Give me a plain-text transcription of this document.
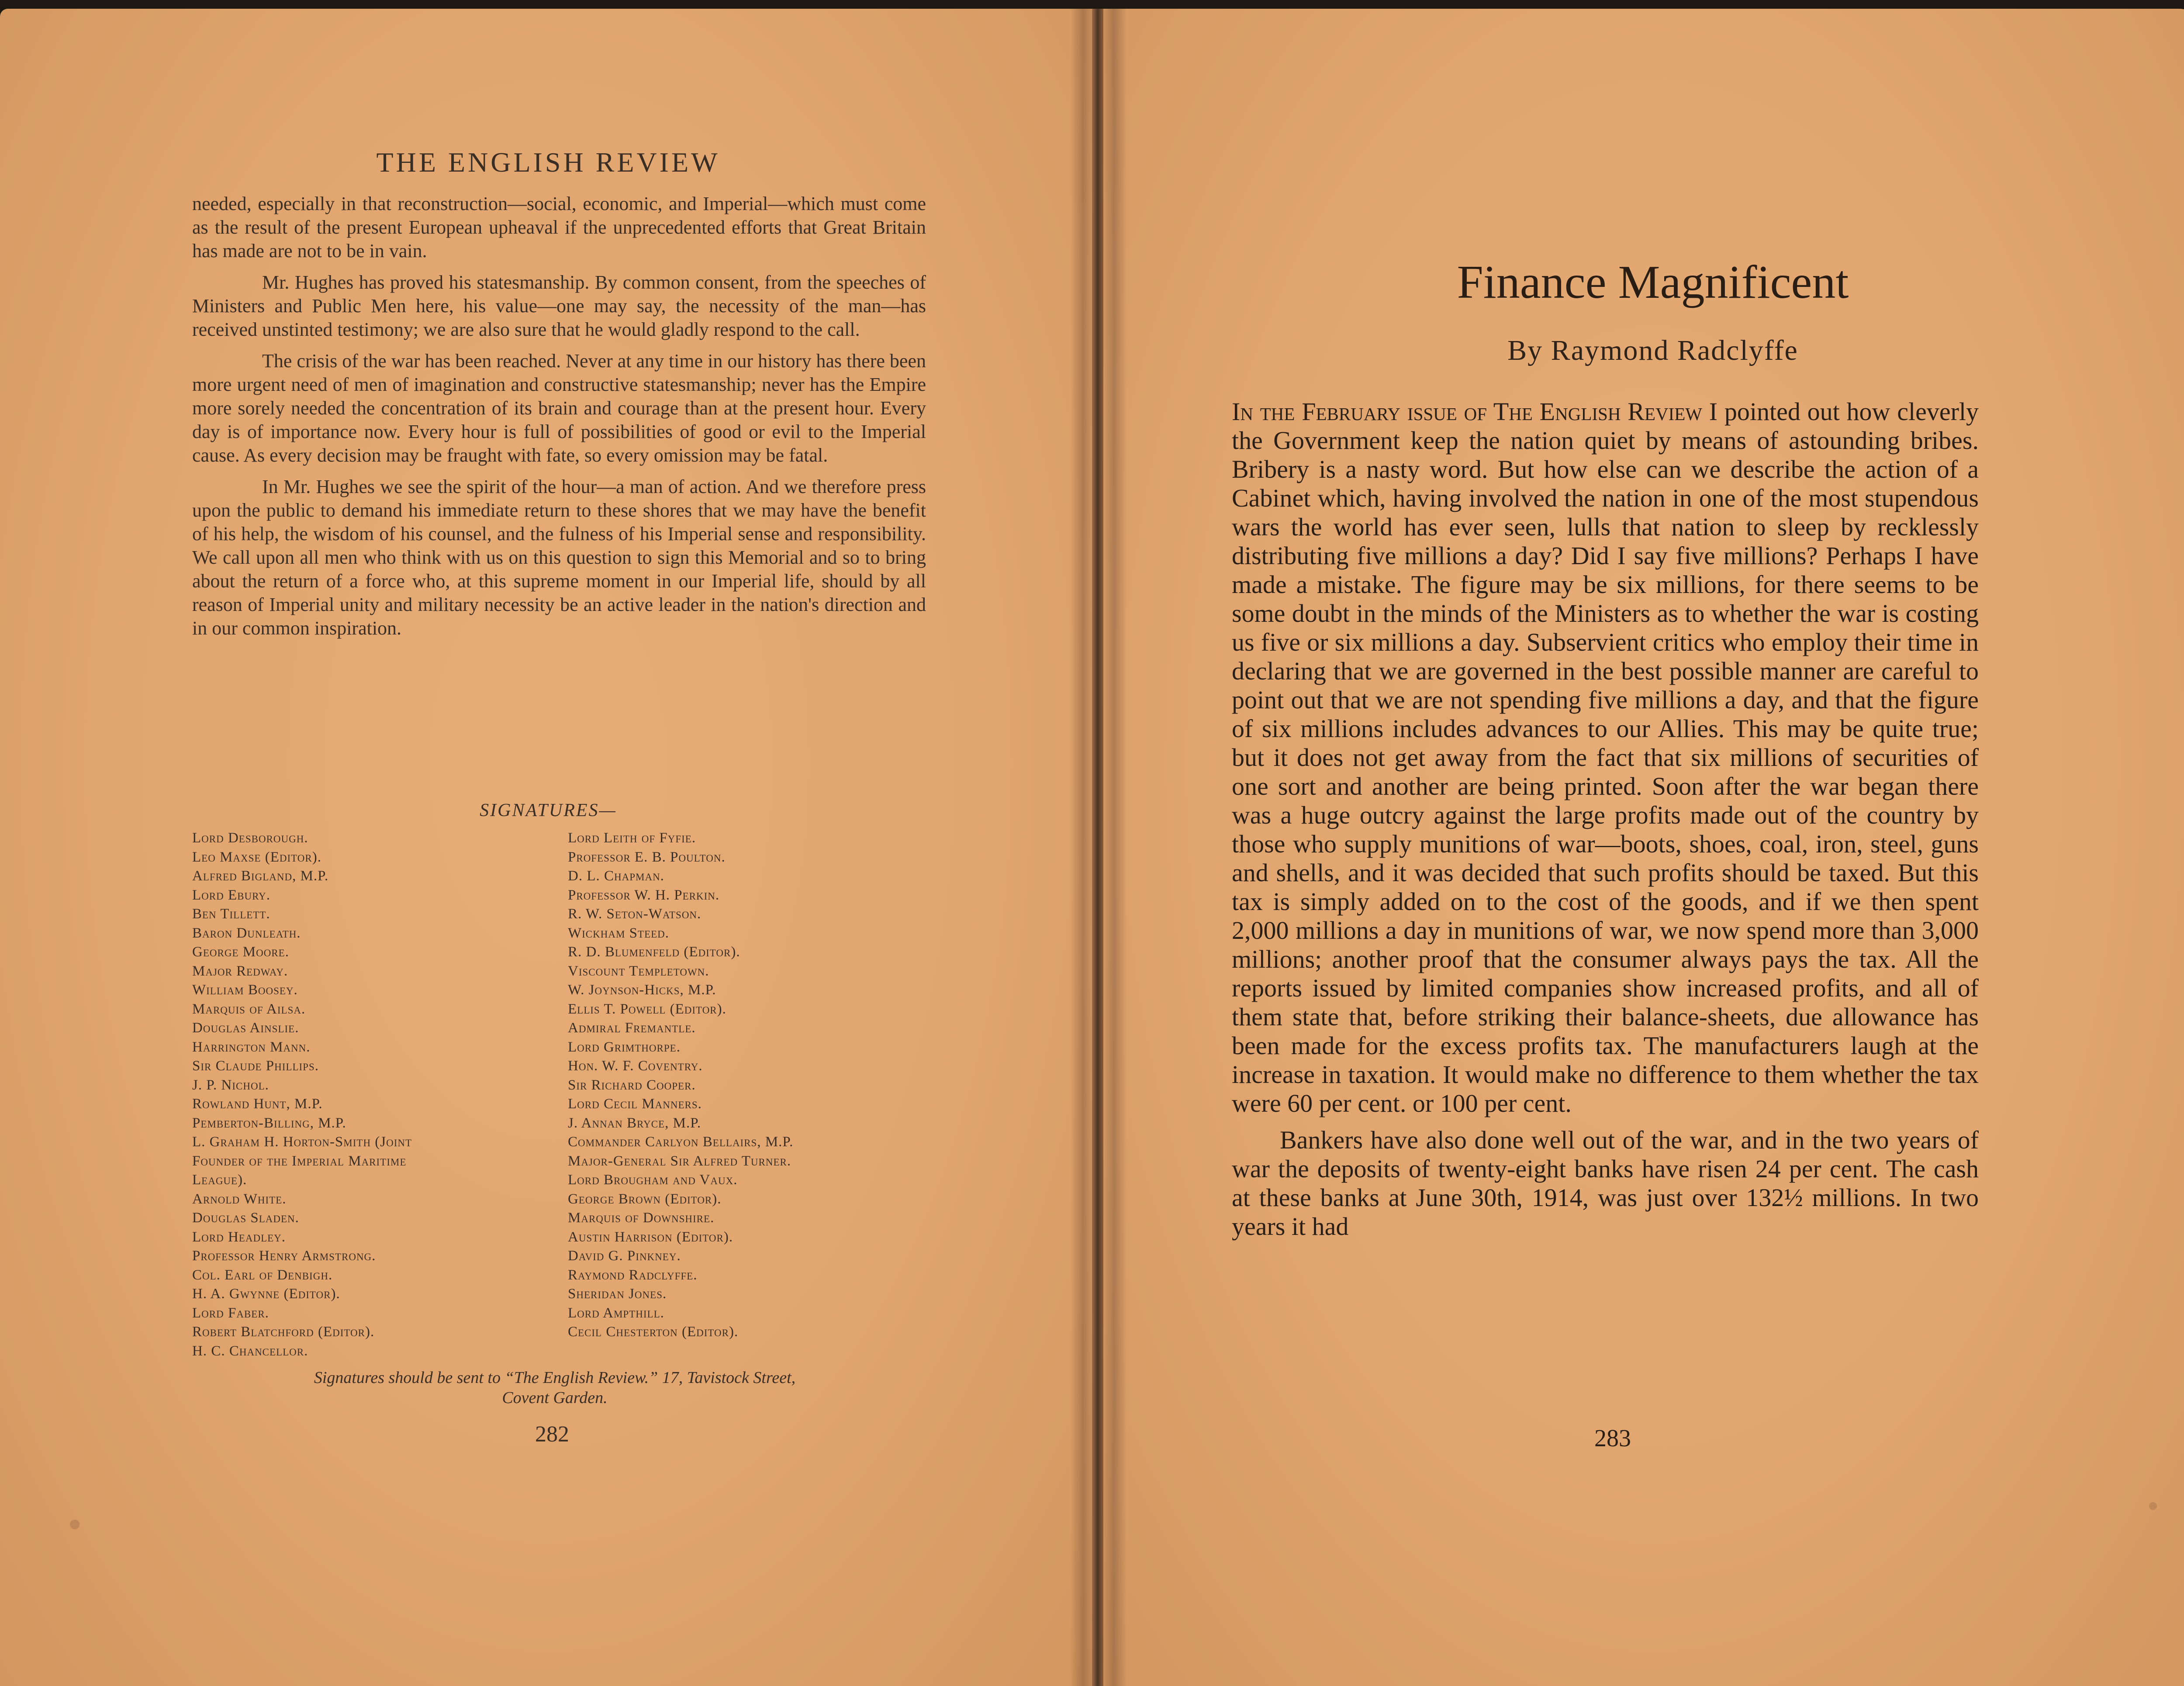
THE ENGLISH REVIEW

needed, especially in that reconstruction—social, economic, and Imperial—which must come as the result of the present European upheaval if the unprecedented efforts that Great Britain has made are not to be in vain.

Mr. Hughes has proved his statesmanship. By common consent, from the speeches of Ministers and Public Men here, his value—one may say, the necessity of the man—has received unstinted testimony; we are also sure that he would gladly respond to the call.

The crisis of the war has been reached. Never at any time in our history has there been more urgent need of men of imagination and constructive statesmanship; never has the Empire more sorely needed the concentration of its brain and courage than at the present hour. Every day is of importance now. Every hour is full of possibilities of good or evil to the Imperial cause. As every decision may be fraught with fate, so every omission may be fatal.

In Mr. Hughes we see the spirit of the hour—a man of action. And we therefore press upon the public to demand his immediate return to these shores that we may have the benefit of his help, the wisdom of his counsel, and the fulness of his Imperial sense and responsibility. We call upon all men who think with us on this question to sign this Memorial and so to bring about the return of a force who, at this supreme moment in our Imperial life, should by all reason of Imperial unity and military necessity be an active leader in the nation's direction and in our common inspiration.

SIGNATURES—
Lord Desborough.
Leo Maxse (Editor).
Alfred Bigland, M.P.
Lord Ebury.
Ben Tillett.
Baron Dunleath.
George Moore.
Major Redway.
William Boosey.
Marquis of Ailsa.
Douglas Ainslie.
Harrington Mann.
Sir Claude Phillips.
J. P. Nichol.
Rowland Hunt, M.P.
Pemberton-Billing, M.P.
L. Graham H. Horton-Smith (Joint
Founder of the Imperial Maritime
League).
Arnold White.
Douglas Sladen.
Lord Headley.
Professor Henry Armstrong.
Col. Earl of Denbigh.
H. A. Gwynne (Editor).
Lord Faber.
Robert Blatchford (Editor).
H. C. Chancellor.
Lord Leith of Fyfie.
Professor E. B. Poulton.
D. L. Chapman.
Professor W. H. Perkin.
R. W. Seton-Watson.
Wickham Steed.
R. D. Blumenfeld (Editor).
Viscount Templetown.
W. Joynson-Hicks, M.P.
Ellis T. Powell (Editor).
Admiral Fremantle.
Lord Grimthorpe.
Hon. W. F. Coventry.
Sir Richard Cooper.
Lord Cecil Manners.
J. Annan Bryce, M.P.
Commander Carlyon Bellairs, M.P.
Major-General Sir Alfred Turner.
Lord Brougham and Vaux.
George Brown (Editor).
Marquis of Downshire.
Austin Harrison (Editor).
David G. Pinkney.
Raymond Radclyffe.
Sheridan Jones.
Lord Ampthill.
Cecil Chesterton (Editor).
Signatures should be sent to “The English Review.” 17, Tavistock Street,
Covent Garden.
282
Finance Magnificent
By Raymond Radclyffe

In the February issue of The English Review I pointed out how cleverly the Government keep the nation quiet by means of astounding bribes. Bribery is a nasty word. But how else can we describe the action of a Cabinet which, having involved the nation in one of the most stupendous wars the world has ever seen, lulls that nation to sleep by recklessly distributing five millions a day? Did I say five millions? Perhaps I have made a mistake. The figure may be six millions, for there seems to be some doubt in the minds of the Ministers as to whether the war is costing us five or six millions a day. Subservient critics who employ their time in declaring that we are governed in the best possible manner are careful to point out that we are not spending five millions a day, and that the figure of six millions includes advances to our Allies. This may be quite true; but it does not get away from the fact that six millions of securities of one sort and another are being printed. Soon after the war began there was a huge outcry against the large profits made out of the country by those who supply munitions of war—boots, shoes, coal, iron, steel, guns and shells, and it was decided that such profits should be taxed. But this tax is simply added on to the cost of the goods, and if we then spent 2,000 millions a day in munitions of war, we now spend more than 3,000 millions; another proof that the consumer always pays the tax. All the reports issued by limited companies show increased profits, and all of them state that, before striking their balance-sheets, due allowance has been made for the excess profits tax. The manufacturers laugh at the increase in taxation. It would make no difference to them whether the tax were 60 per cent. or 100 per cent.

Bankers have also done well out of the war, and in the two years of war the deposits of twenty-eight banks have risen 24 per cent. The cash at these banks at June 30th, 1914, was just over 132½ millions. In two years it had

283
